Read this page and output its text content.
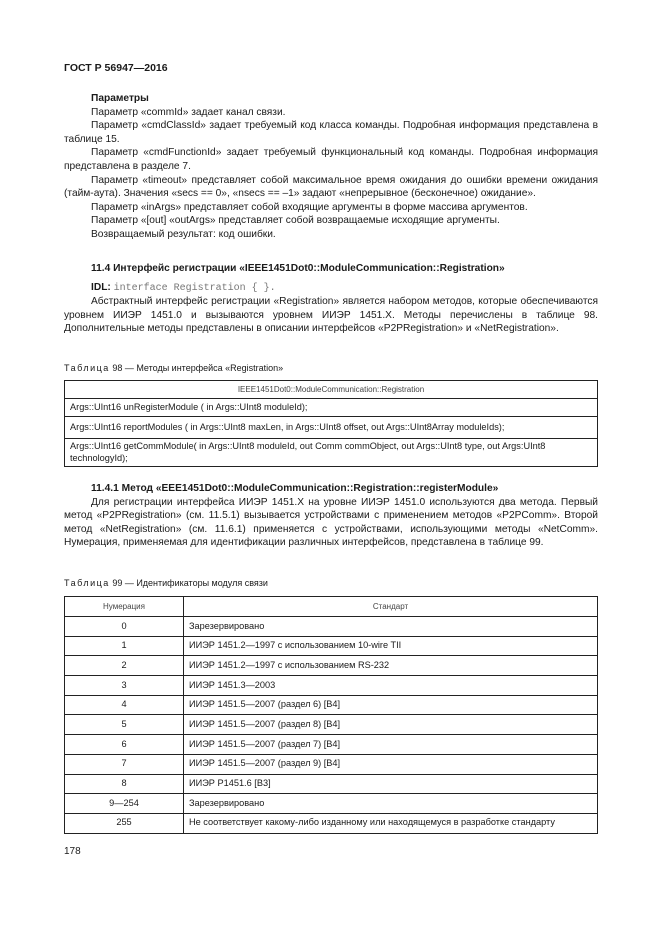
ГОСТ Р 56947—2016

Параметры

Параметр «commId» задает канал связи.

Параметр «cmdClassId» задает требуемый код класса команды. Подробная информация представлена в таблице 15.

Параметр «cmdFunctionId» задает требуемый функциональный код команды. Подробная информация представлена в разделе 7.

Параметр «timeout» представляет собой максимальное время ожидания до ошибки времени ожидания (тайм-аута). Значения «secs == 0», «nsecs == –1» задают «непрерывное (бесконечное) ожидание».

Параметр «inArgs» представляет собой входящие аргументы в форме массива аргументов.

Параметр «[out] «outArgs» представляет собой возвращаемые исходящие аргументы.

Возвращаемый результат: код ошибки.

11.4 Интерфейс регистрации «IEEE1451Dot0::ModuleCommunication::Registration»

IDL: interface Registration { }.

Абстрактный интерфейс регистрации «Registration» является набором методов, которые обеспечиваются уровнем ИИЭР 1451.0 и вызываются уровнем ИИЭР 1451.X. Методы перечислены в таблице 98. Дополнительные методы представлены в описании интерфейсов «P2PRegistration» и «NetRegistration».

Таблица 98 — Методы интерфейса «Registration»
IEEE1451Dot0::ModuleCommunication::Registration
Args::UInt16 unRegisterModule ( in Args::UInt8 moduleId);
Args::UInt16 reportModules ( in Args::UInt8 maxLen, in Args::UInt8 offset, out Args::UInt8Array moduleIds);
Args::UInt16 getCommModule( in Args::UInt8 moduleId, out Comm commObject, out Args::UInt8 type, out Args:UInt8 technologyId);

11.4.1 Метод «EEE1451Dot0::ModuleCommunication::Registration::registerModule»

Для регистрации интерфейса ИИЭР 1451.X на уровне ИИЭР 1451.0 используются два метода. Первый метод «P2PRegistration» (см. 11.5.1) вызывается устройствами с применением методов «P2PComm». Второй метод «NetRegistration» (см. 11.6.1) применяется с устройствами, использующими методы «NetComm». Нумерация, применяемая для идентификации различных интерфейсов, представлена в таблице 99.

Таблица 99 — Идентификаторы модуля связи
Нумерация	Стандарт
0	Зарезервировано
1	ИИЭР 1451.2—1997 с использованием 10-wire TII
2	ИИЭР 1451.2—1997 с использованием RS-232
3	ИИЭР 1451.3—2003
4	ИИЭР 1451.5—2007 (раздел 6) [B4]
5	ИИЭР 1451.5—2007 (раздел 8) [B4]
6	ИИЭР 1451.5—2007 (раздел 7) [B4]
7	ИИЭР 1451.5—2007 (раздел 9) [B4]
8	ИИЭР P1451.6 [B3]
9—254	Зарезервировано
255	Не соответствует какому-либо изданному или находящемуся в разработке стандарту
178
